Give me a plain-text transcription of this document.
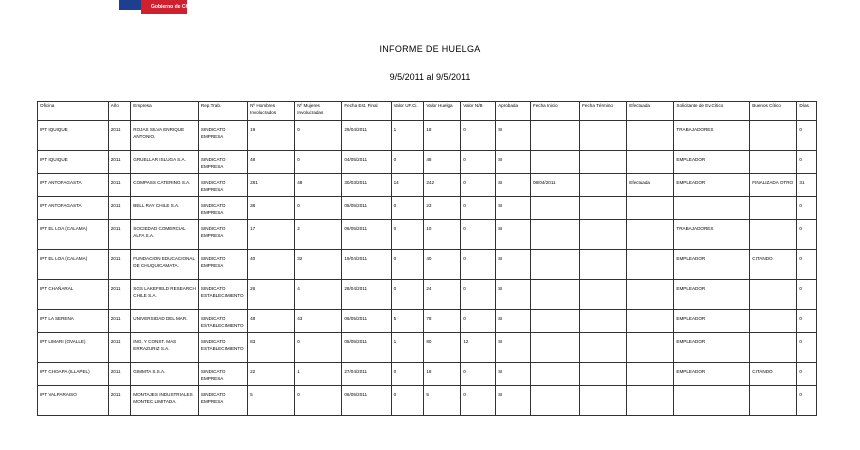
Gobierno de Chile
INFORME DE HUELGA
9/5/2011 al 9/5/2011
Oficina	Año	Empresa	Rep.Trab.	Nº Hombres Involucrados	Nº Mujeres Involucradas	Fecha Est. Final	Valor UF.Ci.	Valor Huelga	Valor N/B	Aprobada	Fecha Inicio	Fecha Término	Efectuada	Solicitante de Ev.Cítico	Buenos Cítico	Días
IPT IQUIQUE	2011	ROJAS SILVA ENRIQUE ANTONIO.	SINDICATO EMPRESA	19	0	29/04/2011	1	18	0	SI				TRABAJADORES		0
IPT IQUIQUE	2011	GRUELLAR ISLUGA S.A.	SINDICATO EMPRESA	48	0	04/05/2011	0	48	0	SI				EMPLEADOR		0
IPT ANTOFAGASTA	2011	COMPASS CATERING S.A.	SINDICATO EMPRESA	281	48	30/03/2011	14	242	0	SI	08/04/2011		Efectuada	EMPLEADOR	FINALIZADA OTRO	31
IPT ANTOFAGASTA	2011	BELL RAY CHILE S.A.	SINDICATO EMPRESA	38	0	05/05/2011	0	23	0	SI						0
IPT EL LOA (CALAMA)	2011	SOCIEDAD COMERCIAL ALFA S.A.	SINDICATO EMPRESA	17	2	06/05/2011	0	10	0	SI				TRABAJADORES		0
IPT EL LOA (CALAMA)	2011	FUNDACION EDUCACIONAL DE CHUQUICAMATA.	SINDICATO EMPRESA	40	32	19/04/2011	0	40	0	SI				EMPLEADOR	CITANDO	0
IPT CHAÑARAL	2011	SGS LAKEFIELD RESEARCH CHILE S.A.	SINDICATO ESTABLECIMIENTO	26	4	28/04/2011	0	24	0	SI				EMPLEADOR		0
IPT LA SERENA	2011	UNIVERSIDAD DEL MAR.	SINDICATO ESTABLECIMIENTO	48	43	06/05/2011	5	78	0	SI				EMPLEADOR		0
IPT LIMARI (OVALLE)	2011	ING. Y CONST. MAS ERRAZURIZ S.A.	SINDICATO ESTABLECIMIENTO	83	0	05/05/2011	1	80	12	SI				EMPLEADOR		0
IPT CHOAPA (ILLAPEL)	2011	GIMMTA S.S.A.	SINDICATO EMPRESA	22	1	27/04/2011	0	18	0	SI				EMPLEADOR	CITANDO	0
IPT VALPARAISO	2011	MONTAJES INDUSTRIALES MONTEC LIMITADA.	SINDICATO EMPRESA	5	0	06/05/2011	0	5	0	SI						0
